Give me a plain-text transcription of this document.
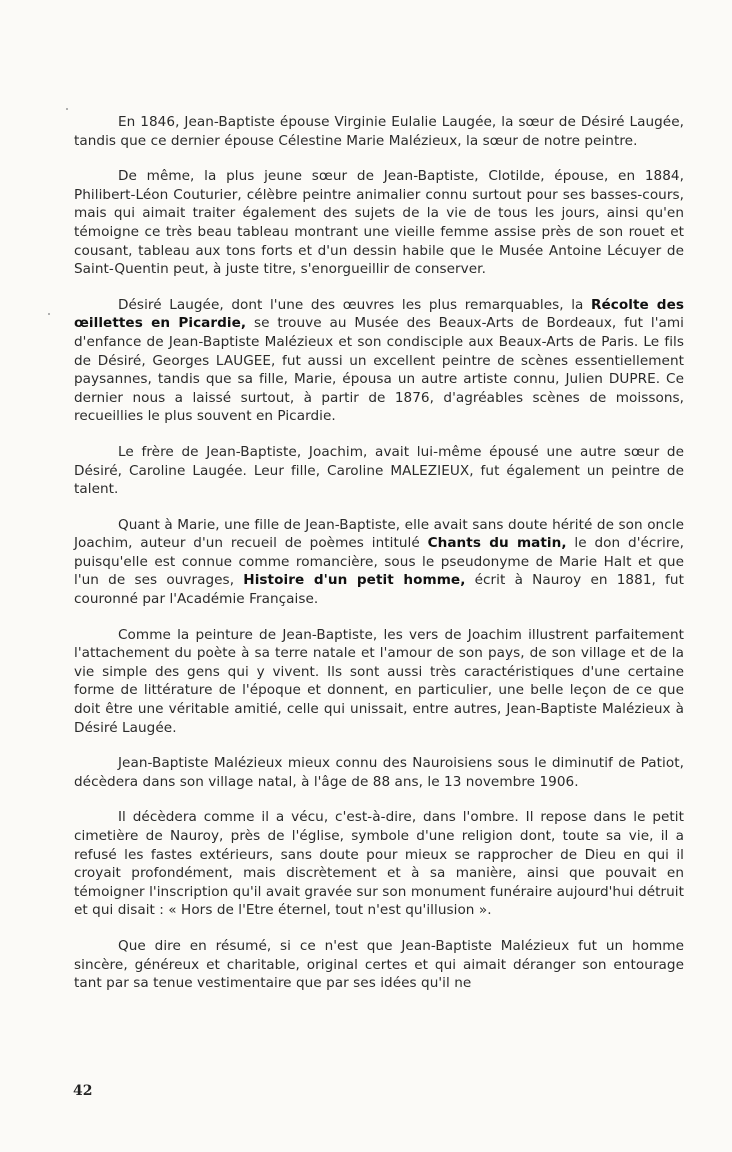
En 1846, Jean-Baptiste épouse Virginie Eulalie Laugée, la sœur de Désiré Laugée, tandis que ce dernier épouse Célestine Marie Malézieux, la sœur de notre peintre.

De même, la plus jeune sœur de Jean-Baptiste, Clotilde, épouse, en 1884, Philibert-Léon Couturier, célèbre peintre animalier connu surtout pour ses basses-cours, mais qui aimait traiter également des sujets de la vie de tous les jours, ainsi qu'en témoigne ce très beau tableau montrant une vieille femme assise près de son rouet et cousant, tableau aux tons forts et d'un dessin habile que le Musée Antoine Lécuyer de Saint-Quentin peut, à juste titre, s'enorgueillir de conserver.

Désiré Laugée, dont l'une des œuvres les plus remarquables, la Récolte des œillettes en Picardie, se trouve au Musée des Beaux-Arts de Bordeaux, fut l'ami d'enfance de Jean-Baptiste Malézieux et son condisciple aux Beaux-Arts de Paris. Le fils de Désiré, Georges LAUGEE, fut aussi un excellent peintre de scènes essentiellement paysannes, tandis que sa fille, Marie, épousa un autre artiste connu, Julien DUPRE. Ce dernier nous a laissé surtout, à partir de 1876, d'agréables scènes de moissons, recueillies le plus souvent en Picardie.

Le frère de Jean-Baptiste, Joachim, avait lui-même épousé une autre sœur de Désiré, Caroline Laugée. Leur fille, Caroline MALEZIEUX, fut également un peintre de talent.

Quant à Marie, une fille de Jean-Baptiste, elle avait sans doute hérité de son oncle Joachim, auteur d'un recueil de poèmes intitulé Chants du matin, le don d'écrire, puisqu'elle est connue comme romancière, sous le pseudonyme de Marie Halt et que l'un de ses ouvrages, Histoire d'un petit homme, écrit à Nauroy en 1881, fut couronné par l'Académie Française.

Comme la peinture de Jean-Baptiste, les vers de Joachim illustrent parfaitement l'attachement du poète à sa terre natale et l'amour de son pays, de son village et de la vie simple des gens qui y vivent. Ils sont aussi très caractéristiques d'une certaine forme de littérature de l'époque et donnent, en particulier, une belle leçon de ce que doit être une véritable amitié, celle qui unissait, entre autres, Jean-Baptiste Malézieux à Désiré Laugée.

Jean-Baptiste Malézieux mieux connu des Nauroisiens sous le diminutif de Patiot, décèdera dans son village natal, à l'âge de 88 ans, le 13 novembre 1906.

Il décèdera comme il a vécu, c'est-à-dire, dans l'ombre. Il repose dans le petit cimetière de Nauroy, près de l'église, symbole d'une religion dont, toute sa vie, il a refusé les fastes extérieurs, sans doute pour mieux se rapprocher de Dieu en qui il croyait profondément, mais discrètement et à sa manière, ainsi que pouvait en témoigner l'inscription qu'il avait gravée sur son monument funéraire aujourd'hui détruit et qui disait : « Hors de l'Etre éternel, tout n'est qu'illusion ».

Que dire en résumé, si ce n'est que Jean-Baptiste Malézieux fut un homme sincère, généreux et charitable, original certes et qui aimait déranger son entourage tant par sa tenue vestimentaire que par ses idées qu'il ne

42
